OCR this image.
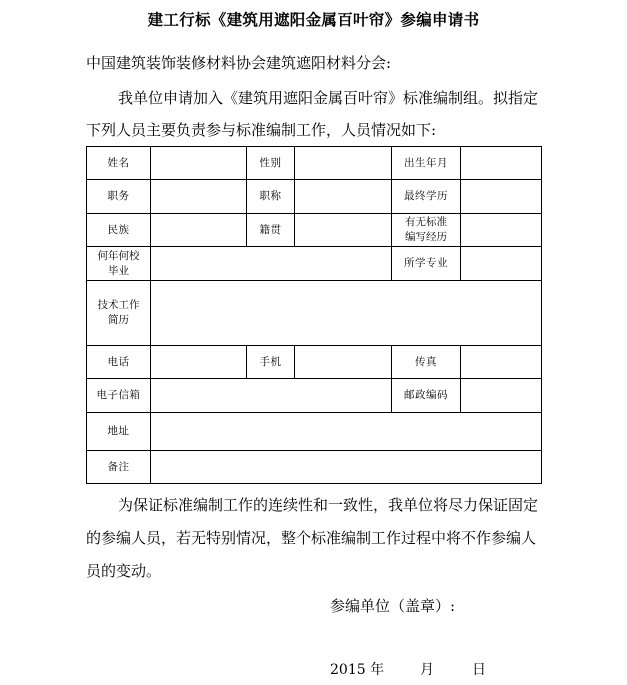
建工行标《建筑用遮阳金属百叶帘》参编申请书
中国建筑装饰装修材料协会建筑遮阳材料分会:
我单位申请加入《建筑用遮阳金属百叶帘》标准编制组。拟指定
下列人员主要负责参与标准编制工作，人员情况如下:
姓名		性别		出生年月	
职务		职称		最终学历	
民族		籍贯		有无标准编写经历	
何年何校毕业				所学专业	
技术工作简历					
电话		手机		传真	
电子信箱				邮政编码	
地址					
备注					
为保证标准编制工作的连续性和一致性，我单位将尽力保证固定
的参编人员，若无特别情况，整个标准编制工作过程中将不作参编人
员的变动。
参编单位（盖章）:
2015 年	月	日
